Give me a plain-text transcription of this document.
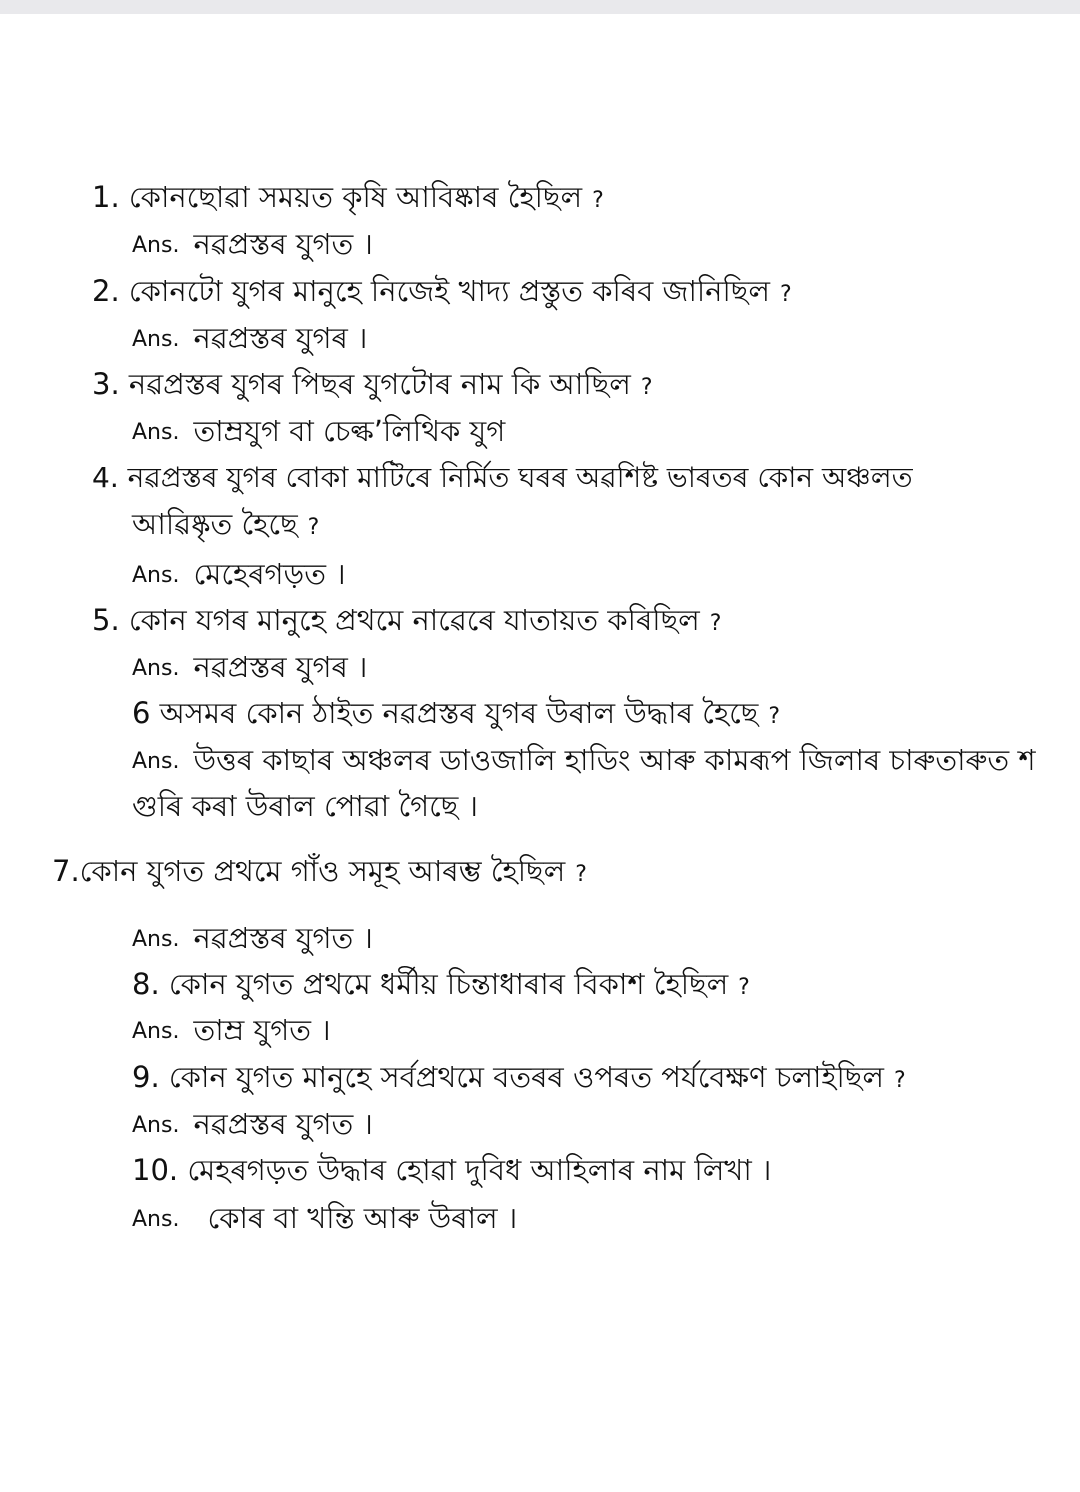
1. কোনছোৱা সময়ত কৃষি আবিষ্কাৰ হৈছিল ?
Ans. নৱপ্ৰস্তৰ যুগত ।
2. কোনটো যুগৰ মানুহে নিজেই খাদ্য প্ৰস্তুত কৰিব জানিছিল ?
Ans. নৱপ্ৰস্তৰ যুগৰ ।
3. নৱপ্ৰস্তৰ যুগৰ পিছৰ যুগটোৰ নাম কি আছিল ?
Ans. তাম্ৰযুগ বা চেল্ক’লিথিক যুগ
4. নৱপ্ৰস্তৰ যুগৰ বোকা মাটিৰে নিৰ্মিত ঘৰৰ অৱশিষ্ট ভাৰতৰ কোন অঞ্চলত
আৱিষ্কৃত হৈছে ?
Ans. মেহেৰগড়ত ।
5. কোন যগৰ মানুহে প্ৰথমে নাৱেৰে যাতায়ত কৰিছিল ?
Ans. নৱপ্ৰস্তৰ যুগৰ ।
6 অসমৰ কোন ঠাইত নৱপ্ৰস্তৰ যুগৰ উৰাল উদ্ধাৰ হৈছে ?
Ans. উত্তৰ কাছাৰ অঞ্চলৰ ডাওজালি হাডিং আৰু কামৰূপ জিলাৰ চাৰুতাৰুত শ
গুৰি কৰা উৰাল পোৱা গৈছে ।
7.কোন যুগত প্ৰথমে গাঁও সমূহ আৰম্ভ হৈছিল ?
Ans. নৱপ্ৰস্তৰ যুগত ।
8. কোন যুগত প্ৰথমে ধৰ্মীয় চিন্তাধাৰাৰ বিকাশ হৈছিল ?
Ans. তাম্ৰ যুগত ।
9. কোন যুগত মানুহে সৰ্বপ্ৰথমে বতৰৰ ওপৰত পৰ্যবেক্ষণ চলাইছিল ?
Ans. নৱপ্ৰস্তৰ যুগত ।
10. মেহৰগড়ত উদ্ধাৰ হোৱা দুবিধ আহিলাৰ নাম লিখা ।
Ans. কোৰ বা খন্তি আৰু উৰাল ।
